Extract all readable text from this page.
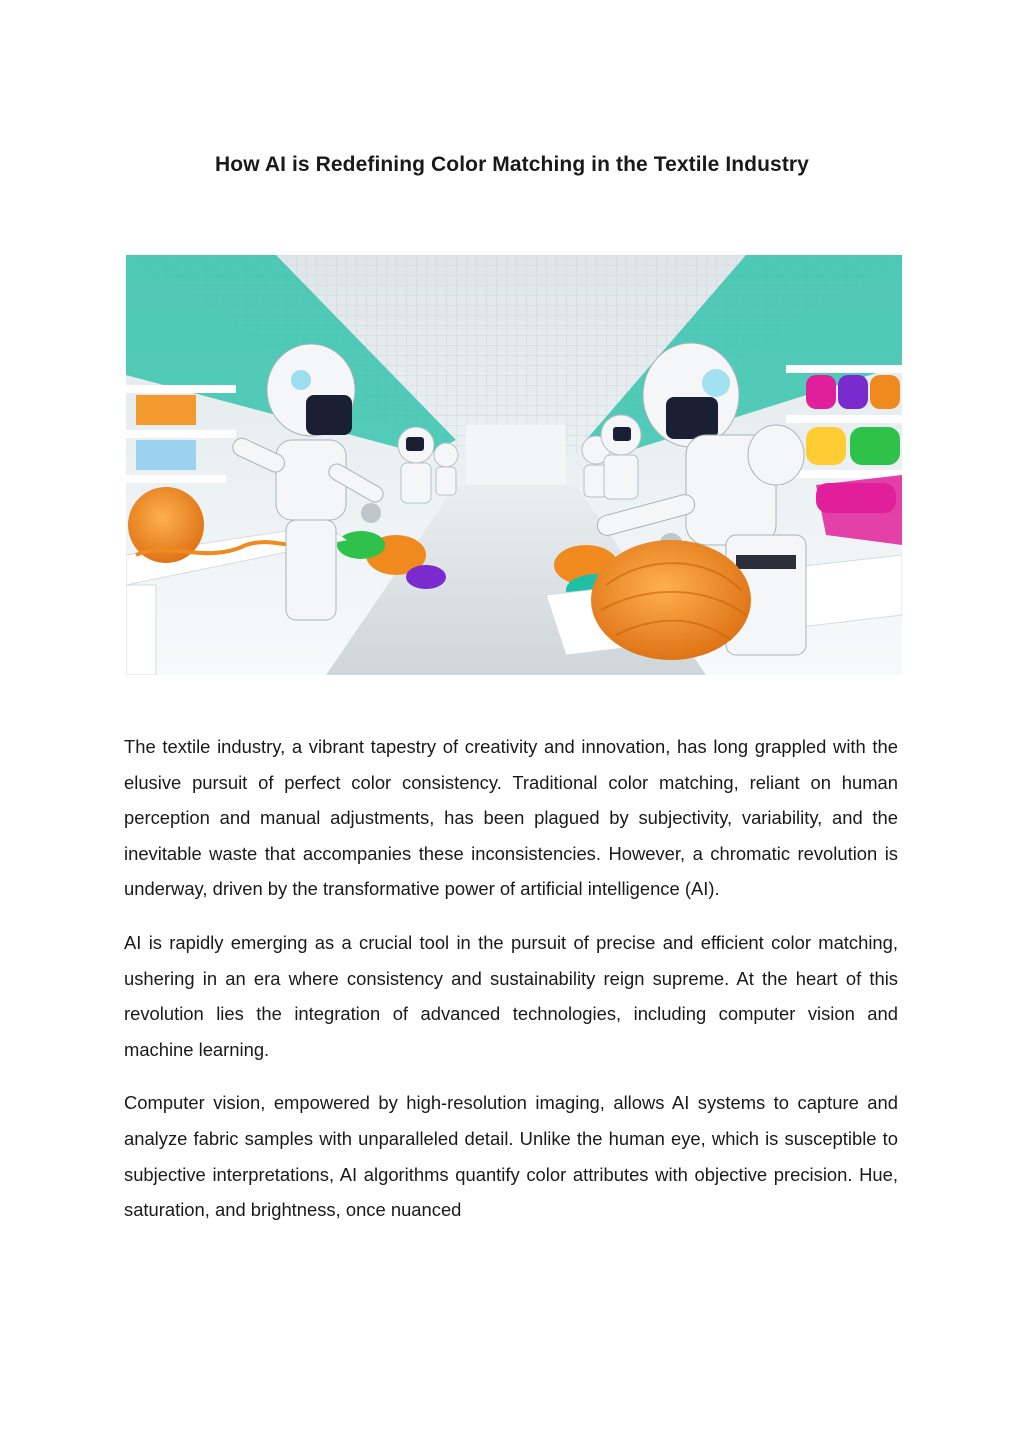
How AI is Redefining Color Matching in the Textile Industry

The textile industry, a vibrant tapestry of creativity and innovation, has long grappled with the elusive pursuit of perfect color consistency. Traditional color matching, reliant on human perception and manual adjustments, has been plagued by subjectivity, variability, and the inevitable waste that accompanies these inconsistencies. However, a chromatic revolution is underway, driven by the transformative power of artificial intelligence (AI).

AI is rapidly emerging as a crucial tool in the pursuit of precise and efficient color matching, ushering in an era where consistency and sustainability reign supreme. At the heart of this revolution lies the integration of advanced technologies, including computer vision and machine learning.

Computer vision, empowered by high-resolution imaging, allows AI systems to capture and analyze fabric samples with unparalleled detail. Unlike the human eye, which is susceptible to subjective interpretations, AI algorithms quantify color attributes with objective precision. Hue, saturation, and brightness, once nuanced
